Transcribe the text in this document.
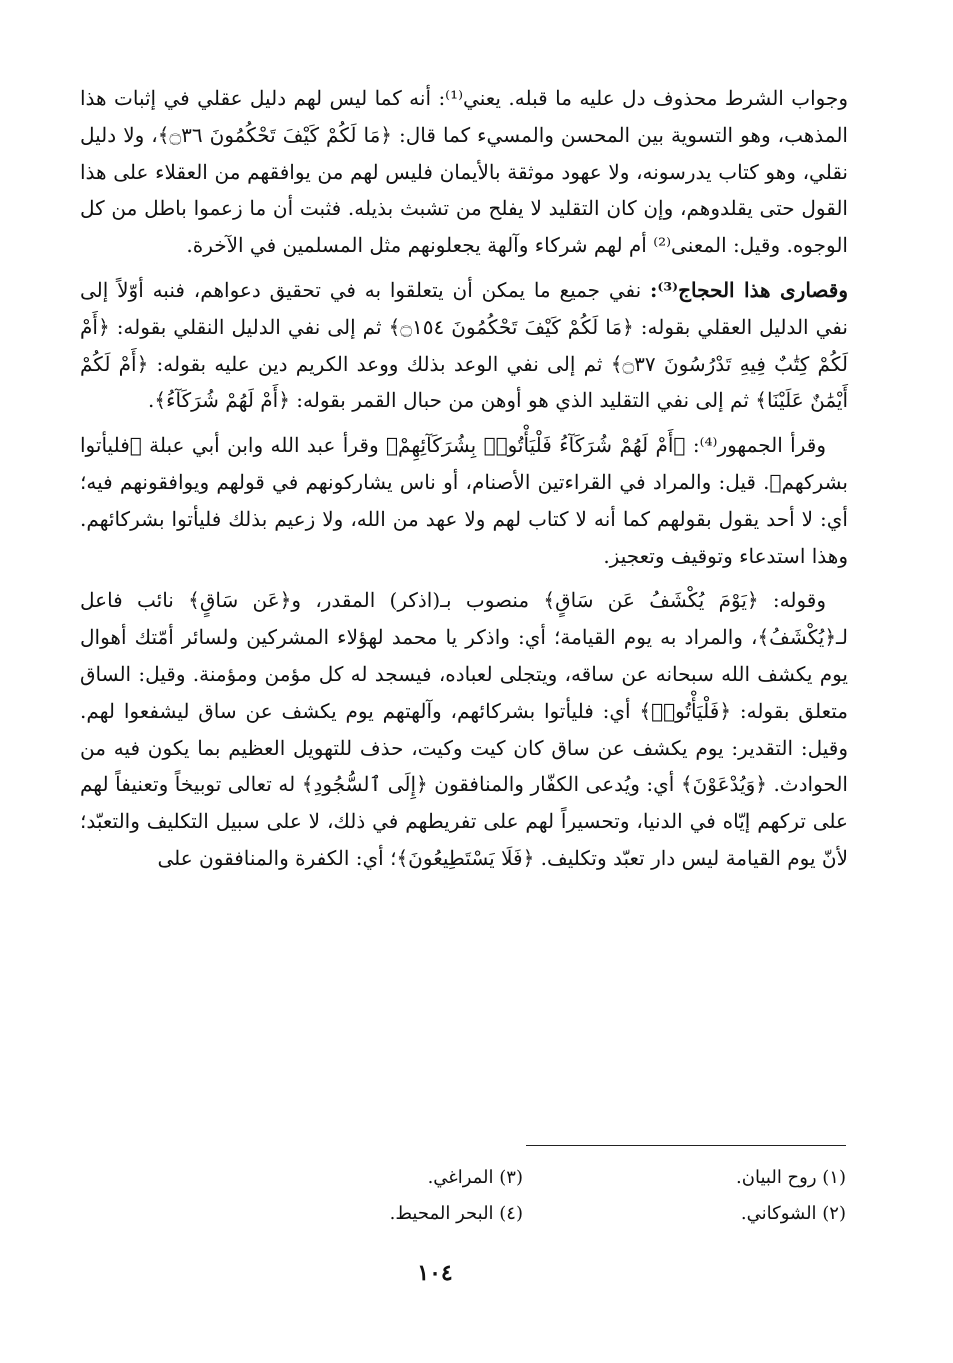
وجواب الشرط محذوف دل عليه ما قبله. يعني⁽¹⁾: أنه كما ليس لهم دليل عقلي في إثبات هذا المذهب، وهو التسوية بين المحسن والمسيء كما قال: ﴿مَا لَكُمْ كَيْفَ تَحْكُمُونَ ۝٣٦﴾، ولا دليل نقلي، وهو كتاب يدرسونه، ولا عهود موثقة بالأيمان فليس لهم من يوافقهم من العقلاء على هذا القول حتى يقلدوهم، وإن كان التقليد لا يفلح من تشبث بذيله. فثبت أن ما زعموا باطل من كل الوجوه. وقيل: المعنى⁽²⁾ أم لهم شركاء وآلهة يجعلونهم مثل المسلمين في الآخرة.

وقصارى هذا الحجاج⁽³⁾: نفي جميع ما يمكن أن يتعلقوا به في تحقيق دعواهم، فنبه أوّلاً إلى نفي الدليل العقلي بقوله: ﴿مَا لَكُمْ كَيْفَ تَحْكُمُونَ ۝١٥٤﴾ ثم إلى نفي الدليل النقلي بقوله: ﴿أَمْ لَكُمْ كِتَٰبٌ فِيهِ تَدْرُسُونَ ۝٣٧﴾ ثم إلى نفي الوعد بذلك ووعد الكريم دين عليه بقوله: ﴿أَمْ لَكُمْ أَيْمَٰنٌ عَلَيْنَا﴾ ثم إلى نفي التقليد الذي هو أوهن من حبال القمر بقوله: ﴿أَمْ لَهُمْ شُرَكَآءُ﴾.

وقرأ الجمهور⁽⁴⁾: ﴿أَمْ لَهُمْ شُرَكَآءُ فَلْيَأْتُوا۟ بِشُرَكَآئِهِمْ﴾ وقرأ عبد الله وابن أبي عبلة ﴿فليأتوا بشركهم﴾. قيل: والمراد في القراءتين الأصنام، أو ناس يشاركونهم في قولهم ويوافقونهم فيه؛ أي: لا أحد يقول بقولهم كما أنه لا كتاب لهم ولا عهد من الله، ولا زعيم بذلك فليأتوا بشركائهم. وهذا استدعاء وتوقيف وتعجيز.

وقوله: ﴿يَوْمَ يُكْشَفُ عَن سَاقٍ﴾ منصوب بـ(اذكر) المقدر، و﴿عَن سَاقٍ﴾ نائب فاعل لـ﴿يُكْشَفُ﴾، والمراد به يوم القيامة؛ أي: واذكر يا محمد لهؤلاء المشركين ولسائر أمّتك أهوال يوم يكشف الله سبحانه عن ساقه، ويتجلى لعباده، فيسجد له كل مؤمن ومؤمنة. وقيل: الساق متعلق بقوله: ﴿فَلْيَأْتُوا۟﴾ أي: فليأتوا بشركائهم، وآلهتهم يوم يكشف عن ساق ليشفعوا لهم. وقيل: التقدير: يوم يكشف عن ساق كان كيت وكيت، حذف للتهويل العظيم بما يكون فيه من الحوادث. ﴿وَيُدْعَوْنَ﴾ أي: ويُدعى الكفّار والمنافقون ﴿إِلَى ٱلسُّجُودِ﴾ له تعالى توبيخاً وتعنيفاً لهم على تركهم إيّاه في الدنيا، وتحسيراً لهم على تفريطهم في ذلك، لا على سبيل التكليف والتعبّد؛ لأنّ يوم القيامة ليس دار تعبّد وتكليف. ﴿فَلَا يَسْتَطِيعُونَ﴾؛ أي: الكفرة والمنافقون على

(١) روح البيان.
(٣) المراغي.
(٢) الشوكاني.
(٤) البحر المحيط.
١٠٤
